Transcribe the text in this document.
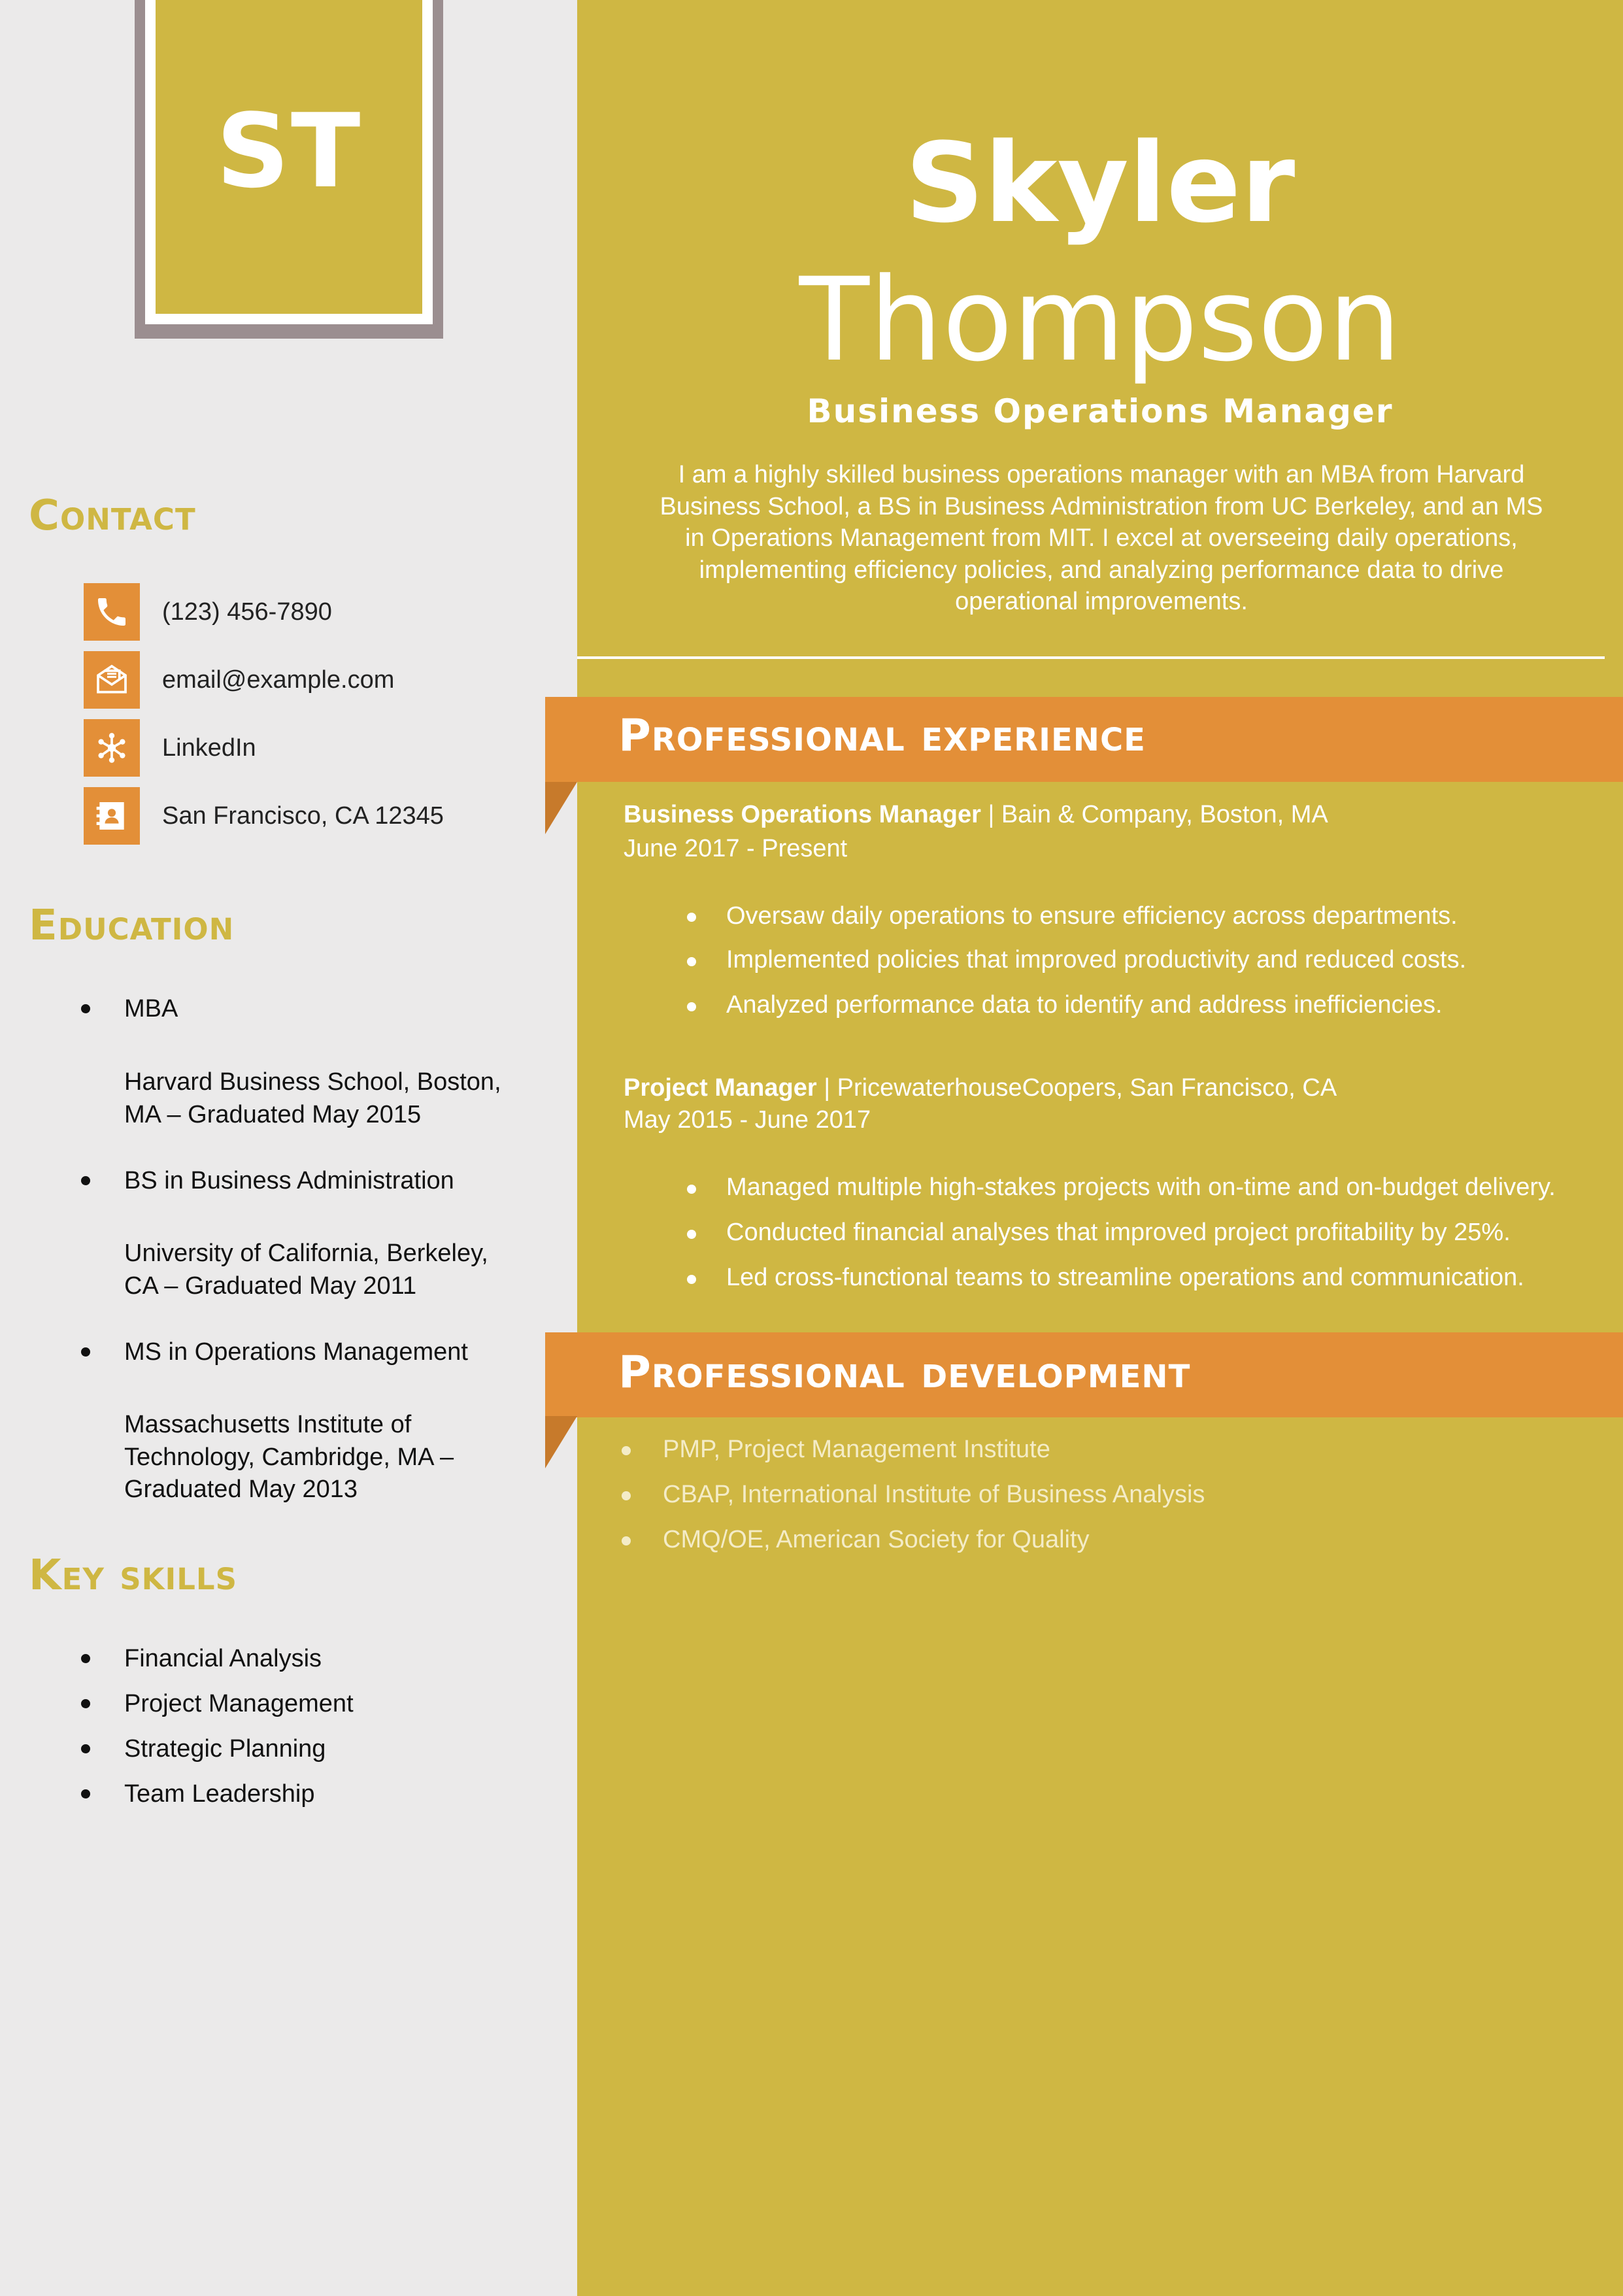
ST
Contact
(123) 456-7890
email@example.com
LinkedIn
San Francisco, CA 12345
Education
MBA
Harvard Business School, Boston,
MA – Graduated May 2015
BS in Business Administration
University of California, Berkeley,
CA – Graduated May 2011
MS in Operations Management
Massachusetts Institute of
Technology, Cambridge, MA –
Graduated May 2013
Key skills
Financial Analysis
Project Management
Strategic Planning
Team Leadership
Skyler
Thompson
Business Operations Manager
I am a highly skilled business operations manager with an MBA from Harvard
Business School, a BS in Business Administration from UC Berkeley, and an MS
in Operations Management from MIT. I excel at overseeing daily operations,
implementing efficiency policies, and analyzing performance data to drive
operational improvements.
Professional experience
Business Operations Manager | Bain & Company, Boston, MA
June 2017 - Present
Oversaw daily operations to ensure efficiency across departments.
Implemented policies that improved productivity and reduced costs.
Analyzed performance data to identify and address inefficiencies.
Project Manager | PricewaterhouseCoopers, San Francisco, CA
May 2015 - June 2017
Managed multiple high-stakes projects with on-time and on-budget delivery.
Conducted financial analyses that improved project profitability by 25%.
Led cross-functional teams to streamline operations and communication.
Professional development
PMP, Project Management Institute
CBAP, International Institute of Business Analysis
CMQ/OE, American Society for Quality
